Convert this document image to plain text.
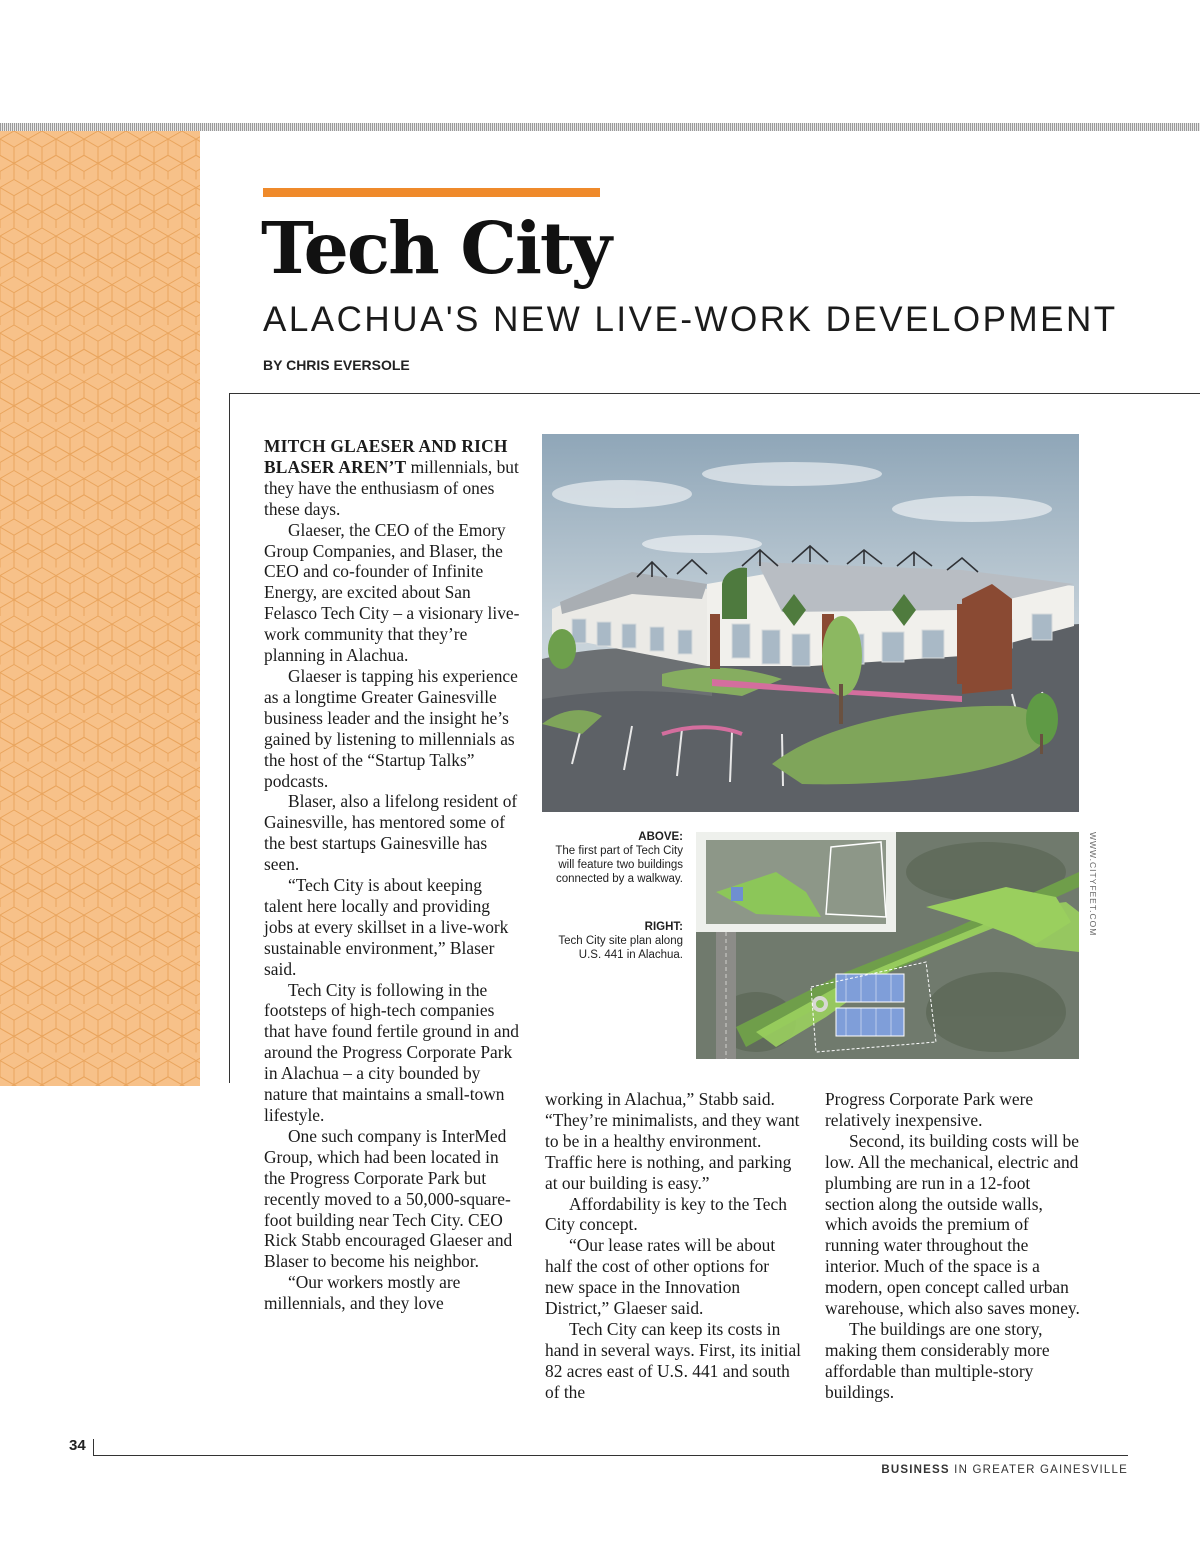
Tech City
ALACHUA'S NEW LIVE-WORK DEVELOPMENT
BY CHRIS EVERSOLE

MITCH GLAESER AND RICH BLASER AREN’T millennials, but they have the enthusiasm of ones these days.

Glaeser, the CEO of the Emory Group Companies, and Blaser, the CEO and co-founder of Infinite Energy, are excited about San Felasco Tech City – a visionary live-work community that they’re planning in Alachua.

Glaeser is tapping his experience as a longtime Greater Gainesville business leader and the insight he’s gained by listening to millennials as the host of the “Startup Talks” podcasts.

Blaser, also a lifelong resident of Gainesville, has mentored some of the best startups Gainesville has seen.

“Tech City is about keeping talent here locally and providing jobs at every skillset in a live-work sustainable environment,” Blaser said.

Tech City is following in the footsteps of high-tech companies that have found fertile ground in and around the Progress Corporate Park in Alachua – a city bounded by nature that maintains a small-town lifestyle.

One such company is InterMed Group, which had been located in the Progress Corporate Park but recently moved to a 50,000-square-foot building near Tech City. CEO Rick Stabb encouraged Glaeser and Blaser to become his neighbor.

“Our workers mostly are millennials, and they love

ABOVE:
The first part of Tech City will feature two buildings connected by a walkway.
RIGHT:
Tech City site plan along U.S. 441 in Alachua.
WWW.CITYFEET.COM

working in Alachua,” Stabb said. “They’re minimalists, and they want to be in a healthy environment. Traffic here is nothing, and parking at our building is easy.”

Affordability is key to the Tech City concept.

“Our lease rates will be about half the cost of other options for new space in the Innovation District,” Glaeser said.

Tech City can keep its costs in hand in several ways. First, its initial 82 acres east of U.S. 441 and south of the

Progress Corporate Park were relatively inexpensive.

Second, its building costs will be low. All the mechanical, electric and plumbing are run in a 12-foot section along the outside walls, which avoids the premium of running water throughout the interior. Much of the space is a modern, open concept called urban warehouse, which also saves money.

The buildings are one story, making them considerably more affordable than multiple-story buildings.

34
BUSINESS IN GREATER GAINESVILLE
